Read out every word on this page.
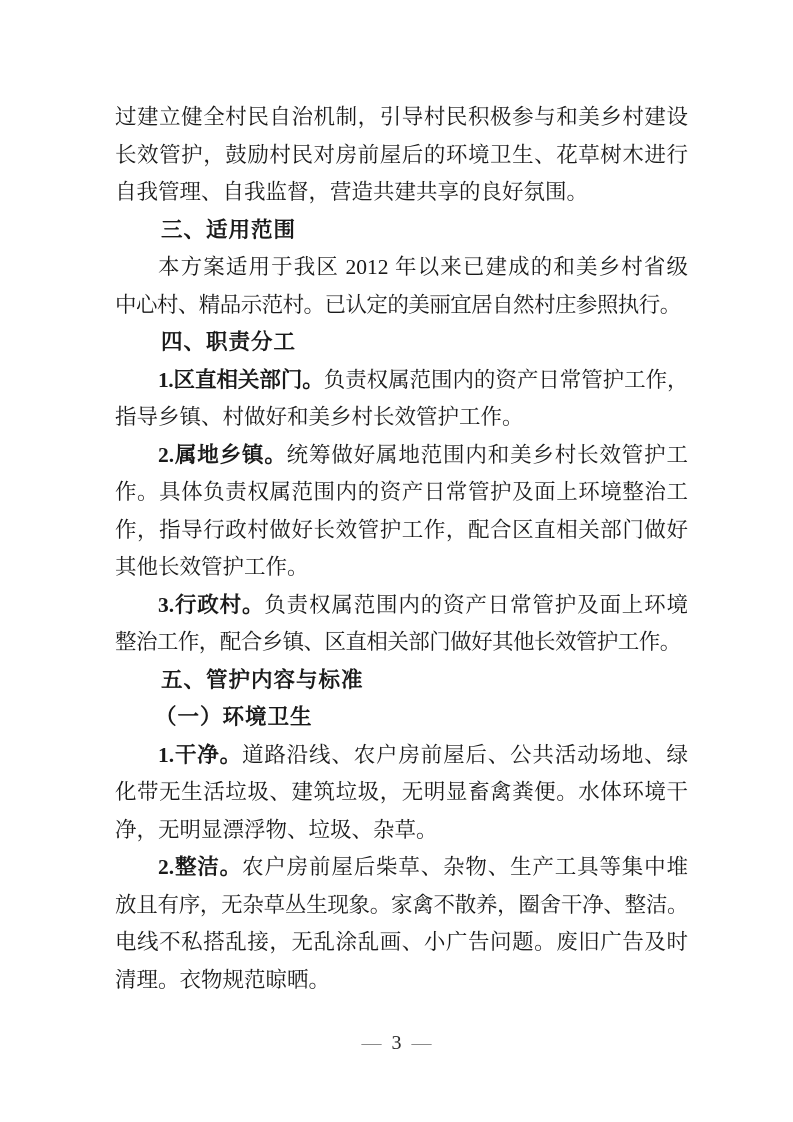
过建立健全村民自治机制，引导村民积极参与和美乡村建设
长效管护，鼓励村民对房前屋后的环境卫生、花草树木进行
自我管理、自我监督，营造共建共享的良好氛围。
三、适用范围
本方案适用于我区 2012 年以来已建成的和美乡村省级
中心村、精品示范村。已认定的美丽宜居自然村庄参照执行。
四、职责分工
1.区直相关部门。负责权属范围内的资产日常管护工作，
指导乡镇、村做好和美乡村长效管护工作。
2.属地乡镇。统筹做好属地范围内和美乡村长效管护工
作。具体负责权属范围内的资产日常管护及面上环境整治工
作，指导行政村做好长效管护工作，配合区直相关部门做好
其他长效管护工作。
3.行政村。负责权属范围内的资产日常管护及面上环境
整治工作，配合乡镇、区直相关部门做好其他长效管护工作。
五、管护内容与标准
（一）环境卫生
1.干净。道路沿线、农户房前屋后、公共活动场地、绿
化带无生活垃圾、建筑垃圾，无明显畜禽粪便。水体环境干
净，无明显漂浮物、垃圾、杂草。
2.整洁。农户房前屋后柴草、杂物、生产工具等集中堆
放且有序，无杂草丛生现象。家禽不散养，圈舍干净、整洁。
电线不私搭乱接，无乱涂乱画、小广告问题。废旧广告及时
清理。衣物规范晾晒。
— 3 —
